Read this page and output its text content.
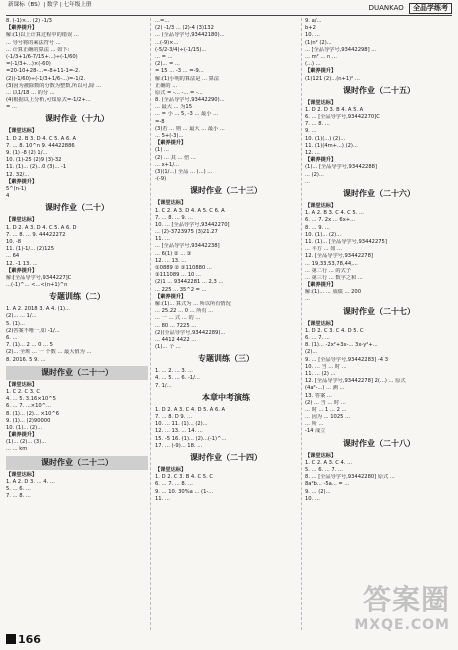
新课标（BS）| 数学 | 七年级上册	DUANKAO 全品学练考
8. (-1)×... (2) -1/3
【素养提升】
解:(1)以上计算过程中的错误 ...
... 导号将的乘法符号 ...
... 计算正确的算法 ... 如下:
(-1/3+1/6-7/15+...)÷(-1/60)
=(-1/3+...)×(-60)
=20-10+28-...=-8+11-1=-2.
(2)(-1/60)÷(-1/3+1/6-...)=-1/2.
(3)因为被除数的分数为整数,所以可,除 ...
... 以1/18 ... 的分 ...
(4)根据以上分析,可知原式=-1/2+...
= ...
课时作业（十九）
【课堂达标】
1. D 2. B 3. D 4. C 5. A 6. A
7. ... 8. 10^n 9. 44422886
9. (1) -8 (2) 1/...
10. (1)-25 (2)9 (3)-32
11. (1)... (2)...0 (3)... -1
12. 32/...
【素养提升】
5^(n-1)
4
课时作业（二十）
【课堂达标】
1. D 2. A 3. D 4. C 5. A 6. D
7. ... 8. ... 9. 44422272
10. -8
11. (1)-1/... (2)125
... 64
12. -1 13. ...
【素养提升】
解:[全品导学号,9344227]C
...(-1)^... <...<(n+1)^n
专题训练（二）
1. A 2. 2018 3. A 4. (1)...
(2)... ... 1/...
5. (1)...
(2)答案不唯一,如 -1/...
6. ...
7. (1)... 2 ... 0 ... 5
(2)... 全班 ... 一 个数 ... 最大值为 ...
8. 2016. 5 9. ...
课时作业（二十一）
【课堂达标】
1. C 2. C 3. C
4. ... 5. 3.16×10^5
6. ... 7. ...×10^...
8. (1)... (2)... ×10^6
9. (1)... (2)90000
10. (1)... (2)...
【素养提升】
(1)... (2)... (3)...
... ... km
课时作业（二十二）
【课堂达标】
1. A 2. D 3. ... 4. ...
5. ... 6. ...
7. ... 8. ...
...=...
(2) -1/3 ... (2)-4 (3)132
... (全品导学号,93442180)...
...(-9)×...
(-5/2-3/4)÷(-1/15)...
... = ...
(2)... = ...
= 15 ... -3 ... =-9...
解:(1)小明的算法是 ... 算法
正确的 ...
原式 = -... -... = -...
8. (全品导学号,93442290)...
... 最大 ... 为15
... = 小 ... 5, -3 ... 最小 ...
=-8
(3)若 ... 则 ... 最大 ... 最小 ...
... 5+(-3)...
【素养提升】
(1) ...
(2) ... 其 ... 倍 ...
... x+1/...
(3)(1/...) 全品 ... (...) ...
-(-9)
课时作业（二十三）
【课堂达标】
1. C 2. A 3. D 4. A 5. C 6. A
7. ... 8. ... 9. ...
10. ... [全品导学号,93442270]
... (2)-3723975 (3)21.27
11. ...
... [全品导学号,93442238]
... 6(1) ② ... ③
12. ... 13. ...
①0889 ② ③110880 ...
③111089 ... 10 ...
(2)1 ... 93442281 ... 2,3 ...
... 225 ... 35^2 = ...
【素养提升】
解:(1)... 算式为 ... 所以所有情况
... 25.22 ... 0 ... 所有 ...
... 一 ... 式 ... 的 ...
... 80 ... 7225 ...
(2)(全品导学号,93442289)...
... 4412 4422 ...
(1)... 个 ...
专题训练（三）
1. ... 2. ... 3. ...
4. ... 5. ... 6. -1/...
7. 1/...
本章中考演练
1. D 2. A 3. C 4. D 5. A 6. A
7. ... 8. D 9. ...
10. ... 11. (1)... (2)...
12. ... 13. ... 14. ...
15. -5 16. (1)... (2)...(-1)^...
17. ... (-9)... 18. ...
课时作业（二十四）
【课堂达标】
1. D 2. C 3. B 4. C 5. C
6. ... 7. ... 8. ...
9. ... 10. 30%a ... (1-...
11. ...
9. a/...
b+2
10. ...
(1)n² (2)...
... [全品导学号,93442298] ...
... m² ... n ...
(...) ...
【素养提升】
(1)121 (2)...(n+1)² ...
课时作业（二十五）
【课堂达标】
1. D 2. D 3. B 4. A 5. A
6. ... [全品导学号,93442270]C
7. ... 8. ...
9. ...
10. (1)(...) (2)...
11. (1)(4m+...) (2)...
12. ...
【素养提升】
(1)... [全品导学号,93442288]
... (2)...
...
课时作业（二十六）
【课堂达标】
1. A 2. B 3. C 4. C 5. ...
6. ... 7. 2x ... 6x+...
8. ... 9. ...
10. (1)... (2)...
11. (1)... [全品导学号,93442275]
... 平方 ... 如 ...
12. [全品导学号,93442278]
... 19,33,53,78,44,...
... 第二行 ... 的式子
... 第三行 ... 数字之和 ...
【素养提升】
解:(1)... ... 成绩 ... 200
...
课时作业（二十七）
【课堂达标】
1. D 2. C 3. C 4. D 5. C
6. ... 7. ...
8. (1)... -2x²+3x-... 3x-y²+...
(2)...
9. ... [全品导学号,93442283] -4 3
10. ... 当 ... 时 ...
11. ... (2) ...
12. [全品导学号,93442278] 2(...) ... 原式
(4a²-...) ... 测 ...
13. 答案 ...
(2) ... 当 ... 时 ...
... 时 ... 1 ... 2 ...
... 因为 ... 1025 ...
... 所 ...
-14 成立
课时作业（二十八）
【课堂达标】
1. C 2. A 3. C 4. ...
5. ... 6. ... 7. ...
8. ... [全品导学号,93442280] 原式 ...
8a²b... -5a... = ...
9. ... (2)...
10. ...
166
答案圈
MXQE.COM
